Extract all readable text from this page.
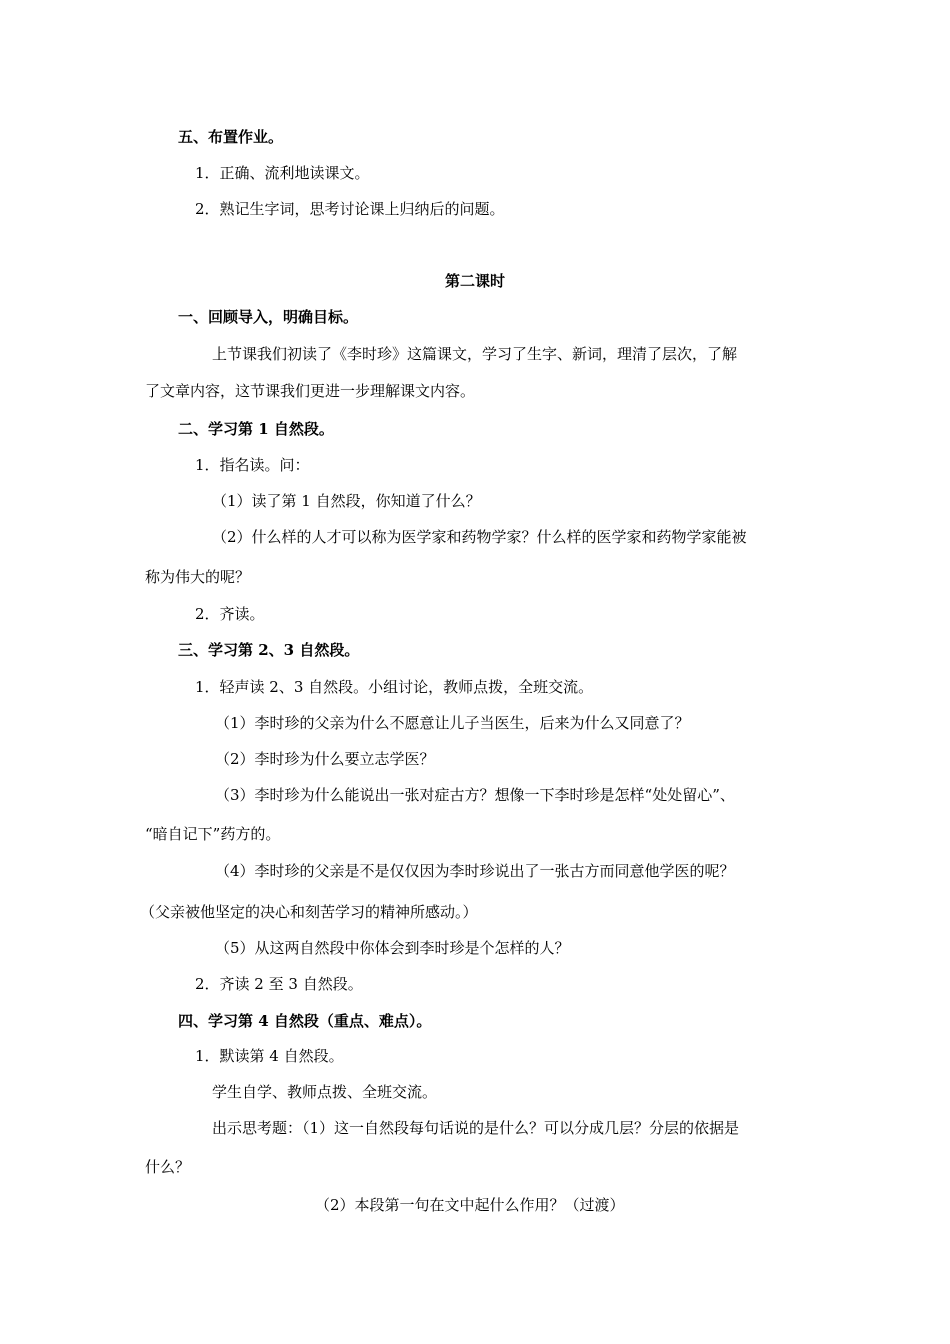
五、布置作业。
1．正确、流利地读课文。
2．熟记生字词，思考讨论课上归纳后的问题。
第二课时
一、回顾导入，明确目标。
上节课我们初读了《李时珍》这篇课文，学习了生字、新词，理清了层次，了解
了文章内容，这节课我们更进一步理解课文内容。
二、学习第 1 自然段。
1．指名读。问：
（1）读了第 1 自然段，你知道了什么？
（2）什么样的人才可以称为医学家和药物学家？什么样的医学家和药物学家能被
称为伟大的呢？
2．齐读。
三、学习第 2、3 自然段。
1．轻声读 2、3 自然段。小组讨论，教师点拨，全班交流。
（1）李时珍的父亲为什么不愿意让儿子当医生，后来为什么又同意了？
（2）李时珍为什么要立志学医？
（3）李时珍为什么能说出一张对症古方？想像一下李时珍是怎样“处处留心”、
“暗自记下”药方的。
（4）李时珍的父亲是不是仅仅因为李时珍说出了一张古方而同意他学医的呢？
（父亲被他坚定的决心和刻苦学习的精神所感动。）
（5）从这两自然段中你体会到李时珍是个怎样的人？
2．齐读 2 至 3 自然段。
四、学习第 4 自然段（重点、难点）。
1．默读第 4 自然段。
学生自学、教师点拨、全班交流。
出示思考题：（1）这一自然段每句话说的是什么？可以分成几层？分层的依据是
什么？
（2）本段第一句在文中起什么作用？（过渡）
